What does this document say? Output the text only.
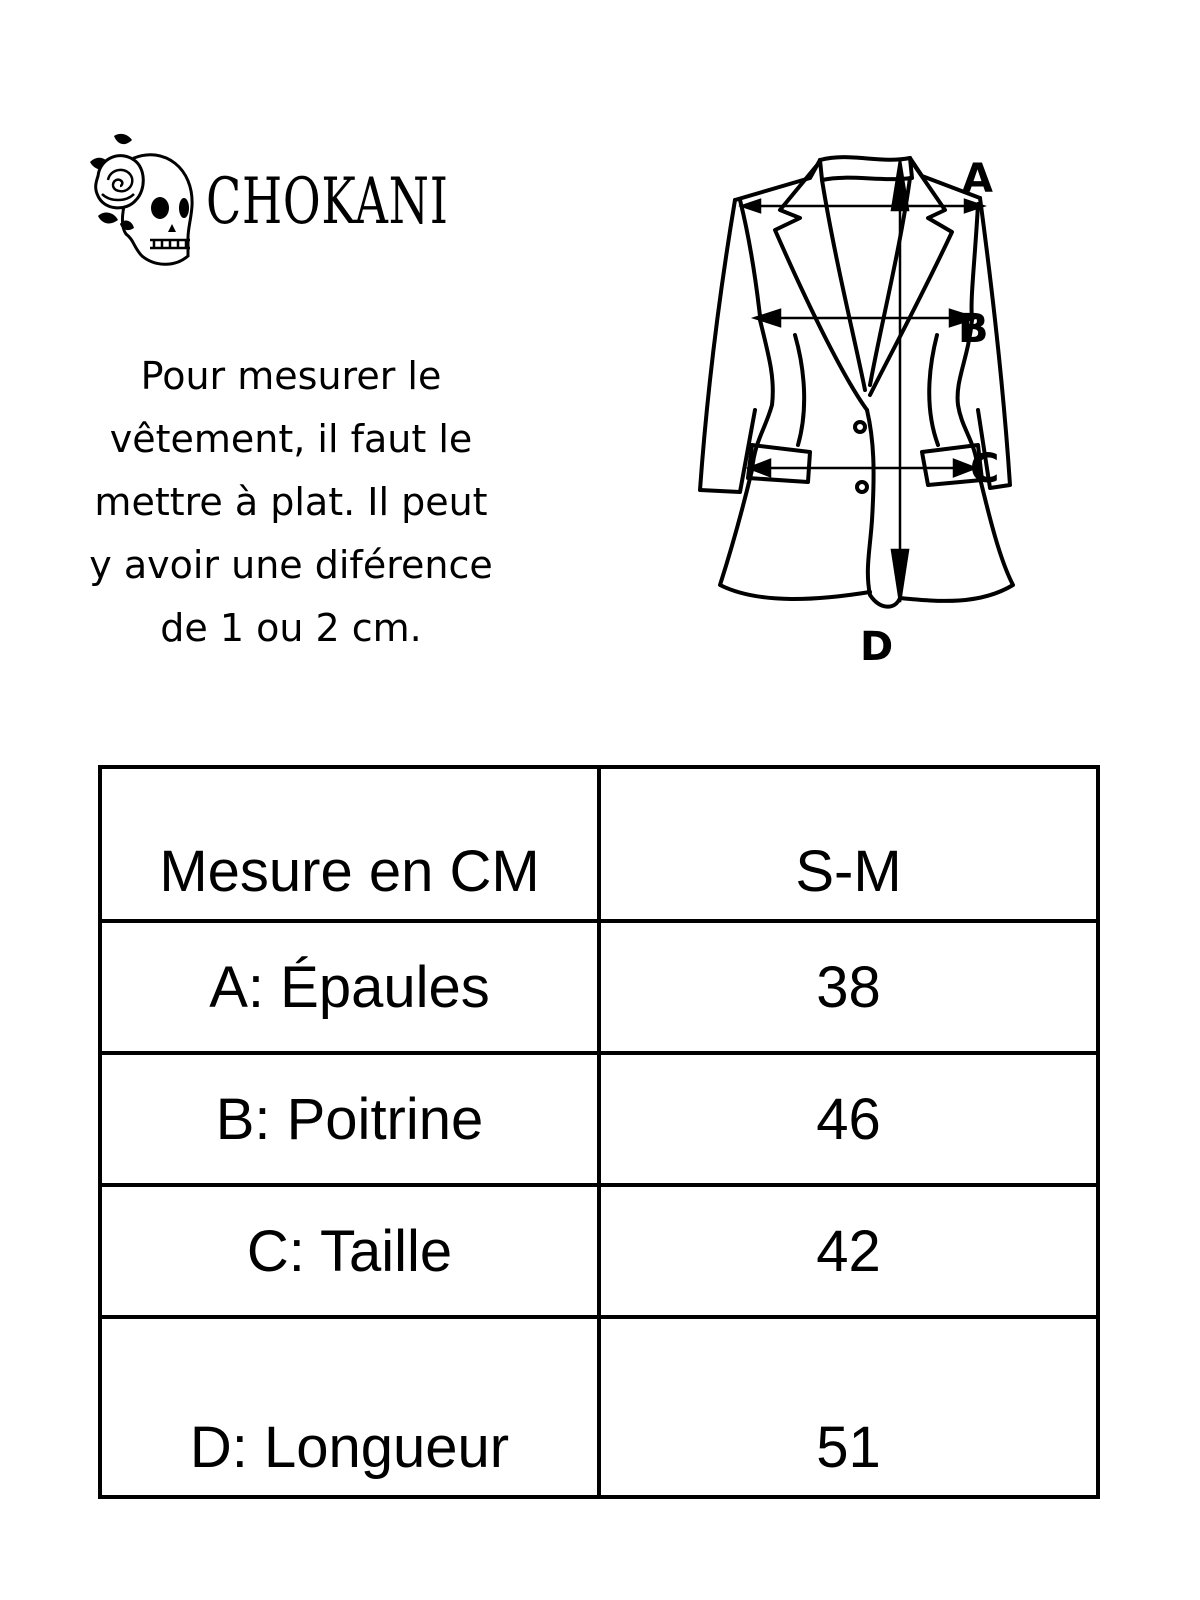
CHOKANI
Pour mesurer le
vêtement, il faut le
mettre à plat. Il peut
y avoir une diférence
de 1 ou 2 cm.
A
B
C
D
Mesure en CM	S-M
A: Épaules	38
B: Poitrine	46
C: Taille	42
D: Longueur	51
